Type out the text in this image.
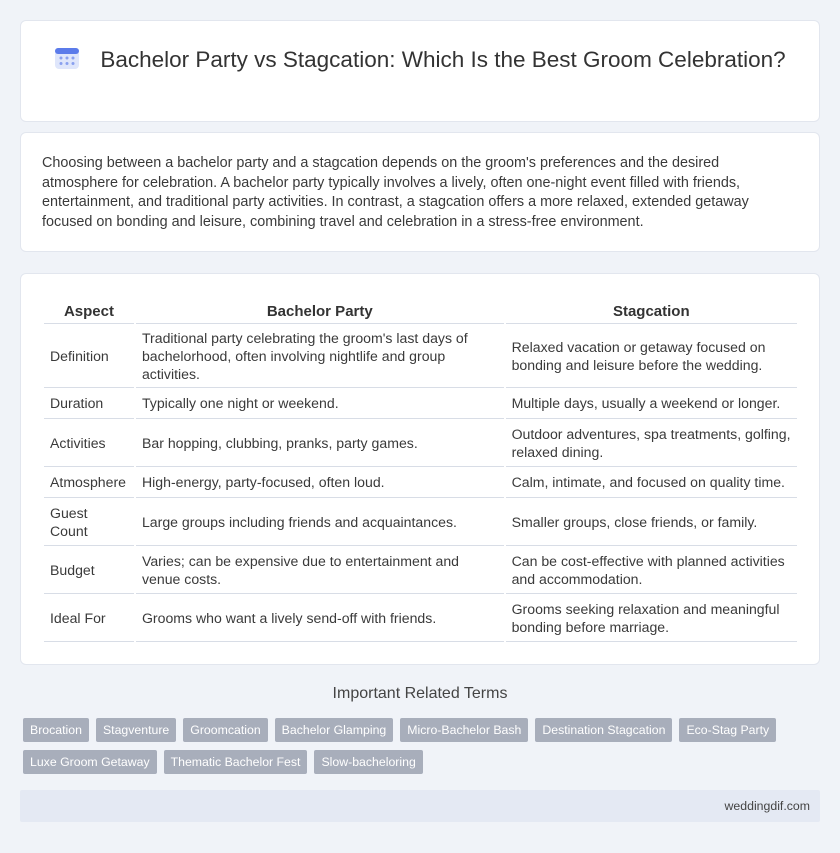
Bachelor Party vs Stagcation: Which Is the Best Groom Celebration?

Choosing between a bachelor party and a stagcation depends on the groom's preferences and the desired atmosphere for celebration. A bachelor party typically involves a lively, often one-night event filled with friends, entertainment, and traditional party activities. In contrast, a stagcation offers a more relaxed, extended getaway focused on bonding and leisure, combining travel and celebration in a stress-free environment.

Aspect	Bachelor Party	Stagcation
Definition	Traditional party celebrating the groom's last days of bachelorhood, often involving nightlife and group activities.	Relaxed vacation or getaway focused on bonding and leisure before the wedding.
Duration	Typically one night or weekend.	Multiple days, usually a weekend or longer.
Activities	Bar hopping, clubbing, pranks, party games.	Outdoor adventures, spa treatments, golfing, relaxed dining.
Atmosphere	High-energy, party-focused, often loud.	Calm, intimate, and focused on quality time.
Guest Count	Large groups including friends and acquaintances.	Smaller groups, close friends, or family.
Budget	Varies; can be expensive due to entertainment and venue costs.	Can be cost-effective with planned activities and accommodation.
Ideal For	Grooms who want a lively send-off with friends.	Grooms seeking relaxation and meaningful bonding before marriage.
Important Related Terms
Brocation	Stagventure	Groomcation	Bachelor Glamping	Micro-Bachelor Bash	Destination Stagcation	Eco-Stag Party
Luxe Groom Getaway	Thematic Bachelor Fest	Slow-bacheloring
weddingdif.com
